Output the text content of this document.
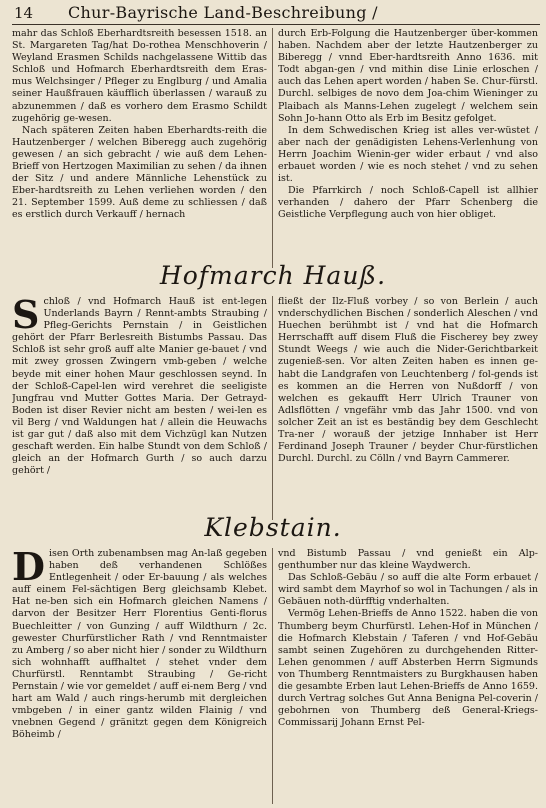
14 Chur-Bayrische Land-Beschreibung /

mahr das Schloß Eberhardtsreith besessen 1518. an St. Margareten Tag/hat Do-rothea Menschhoverin / Weyland Erasmen Schilds nachgelassene Wittib das Schloß und Hofmarch Eberhardtsreith dem Eras-mus Welchsinger / Pfleger zu Englburg / und Amalia seiner Haußfrauen käufflich überlassen / warauß zu abzunemmen / daß es vorhero dem Erasmo Schildt zugehörig ge-wesen.

Nach späteren Zeiten haben Eberhardts-reith die Hautzenberger / welchen Biberegg auch zugehörig gewesen / an sich gebracht / wie auß dem Lehen-Brieff von Hertzogen Maximilian zu sehen / da ihnen der Sitz / und andere Männliche Lehenstück zu Eber-hardtsreith zu Lehen verliehen worden / den 21. September 1599. Auß deme zu schliessen / daß es erstlich durch Verkauff / hernach

durch Erb-Folgung die Hautzenberger über-kommen haben. Nachdem aber der letzte Hautzenberger zu Biberegg / vnnd Eber-hardtsreith Anno 1636. mit Todt abgan-gen / vnd mithin dise Linie erloschen / auch das Lehen apert worden / haben Se. Chur-fürstl. Durchl. selbiges de novo dem Joa-chim Wieninger zu Plaibach als Manns-Lehen zugelegt / welchem sein Sohn Jo-hann Otto als Erb im Besitz gefolget.

In dem Schwedischen Krieg ist alles ver-wüstet / aber nach der genädigisten Lehens-Verlenhung von Herrn Joachim Wienin-ger wider erbaut / vnd also erbauet worden / wie es noch stehet / vnd zu sehen ist.

Die Pfarrkirch / noch Schloß-Capell ist allhier verhanden / dahero der Pfarr Schenberg die Geistliche Verpflegung auch von hier obliget.

Hofmarch Hauß.
S chloß / vnd Hofmarch Hauß ist ent-legen Underlands Bayrn / Rennt-ambts Straubing / Pfleg-Gerichts Pernstain / in Geistlichen gehört der Pfarr Berlesreith Bistumbs Passau. Das Schloß ist sehr groß auff alte Manier ge-bauet / vnd mit zwey grossen Zwingern vmb-geben / welche beyde mit einer hohen Maur geschlossen seynd. In der Schloß-Capel-len wird verehret die seeligiste Jungfrau vnd Mutter Gottes Maria. Der Getrayd-Boden ist diser Revier nicht am besten / wei-len es vil Berg / vnd Waldungen hat / allein die Heuwachs ist gar gut / daß also mit dem Vichzügl kan Nutzen geschaft werden. Ein halbe Stundt von dem Schloß / gleich an der Hofmarch Gurth / so auch darzu gehört /

fließt der Ilz-Fluß vorbey / so von Berlein / auch vnderschydlichen Bischen / sonderlich Aleschen / vnd Huechen berühmbt ist / vnd hat die Hofmarch Herrschafft auff disem Fluß die Fischerey bey zwey Stundt Weegs / wie auch die Nider-Gerichtbarkeit zugenieß-sen. Vor alten Zeiten haben es innen ge-habt die Landgrafen von Leuchtenberg / fol-gends ist es kommen an die Herren von Nußdorff / von welchen es gekaufft Herr Ulrich Trauner von Adlsflötten / vngefähr vmb das Jahr 1500. vnd von solcher Zeit an ist es beständig bey dem Geschlecht Tra-ner / worauß der jetzige Innhaber ist Herr Ferdinand Joseph Trauner / beyder Chur-fürstlichen Durchl. Durchl. zu Cölln / vnd Bayrn Cammerer.

Klebstain.
D isen Orth zubenambsen mag An-laß gegeben haben deß verhandenen Schlößes Entlegenheit / oder Er-bauung / als welches auff einem Fel-sächtigen Berg gleichsamb Klebet. Hat ne-ben sich ein Hofmarch gleichen Namens / darvon der Besitzer Herr Florentius Genti-florus Buechleitter / von Gunzing / auff Wildthurn / 2c. gewester Churfürstlicher Rath / vnd Renntmaister zu Amberg / so aber nicht hier / sonder zu Wildthurn sich wohnhafft auffhaltet / stehet vnder dem Churfürstl. Renntambt Straubing / Ge-richt Pernstain / wie vor gemeldet / auff ei-nem Berg / vnd hart am Wald / auch rings-herumb mit dergleichen vmbgeben / in einer gantz wilden Flainig / vnd vnebnen Gegend / gränitzt gegen dem Königreich Böheimb /

vnd Bistumb Passau / vnd genießt ein Alp-genthumber nur das kleine Waydwerch.

Das Schloß-Gebäu / so auff die alte Form erbauet / wird sambt dem Mayrhof so wol in Tachungen / als in Gebäuen noth-dürfftig vnderhalten.

Vermög Lehen-Brieffs de Anno 1522. haben die von Thumberg beym Churfürstl. Lehen-Hof in München / die Hofmarch Klebstain / Taferen / vnd Hof-Gebäu sambt seinen Zugehören zu durchgehenden Ritter-Lehen genommen / auff Absterben Herrn Sigmunds von Thumberg Renntmaisters zu Burgkhausen haben die gesambte Erben laut Lehen-Brieffs de Anno 1659. durch Vertrag solches Gut Anna Benigna Pel-coverin / gebohrnen von Thumberg deß General-Kriegs-Commissarij Johann Ernst Pel-
